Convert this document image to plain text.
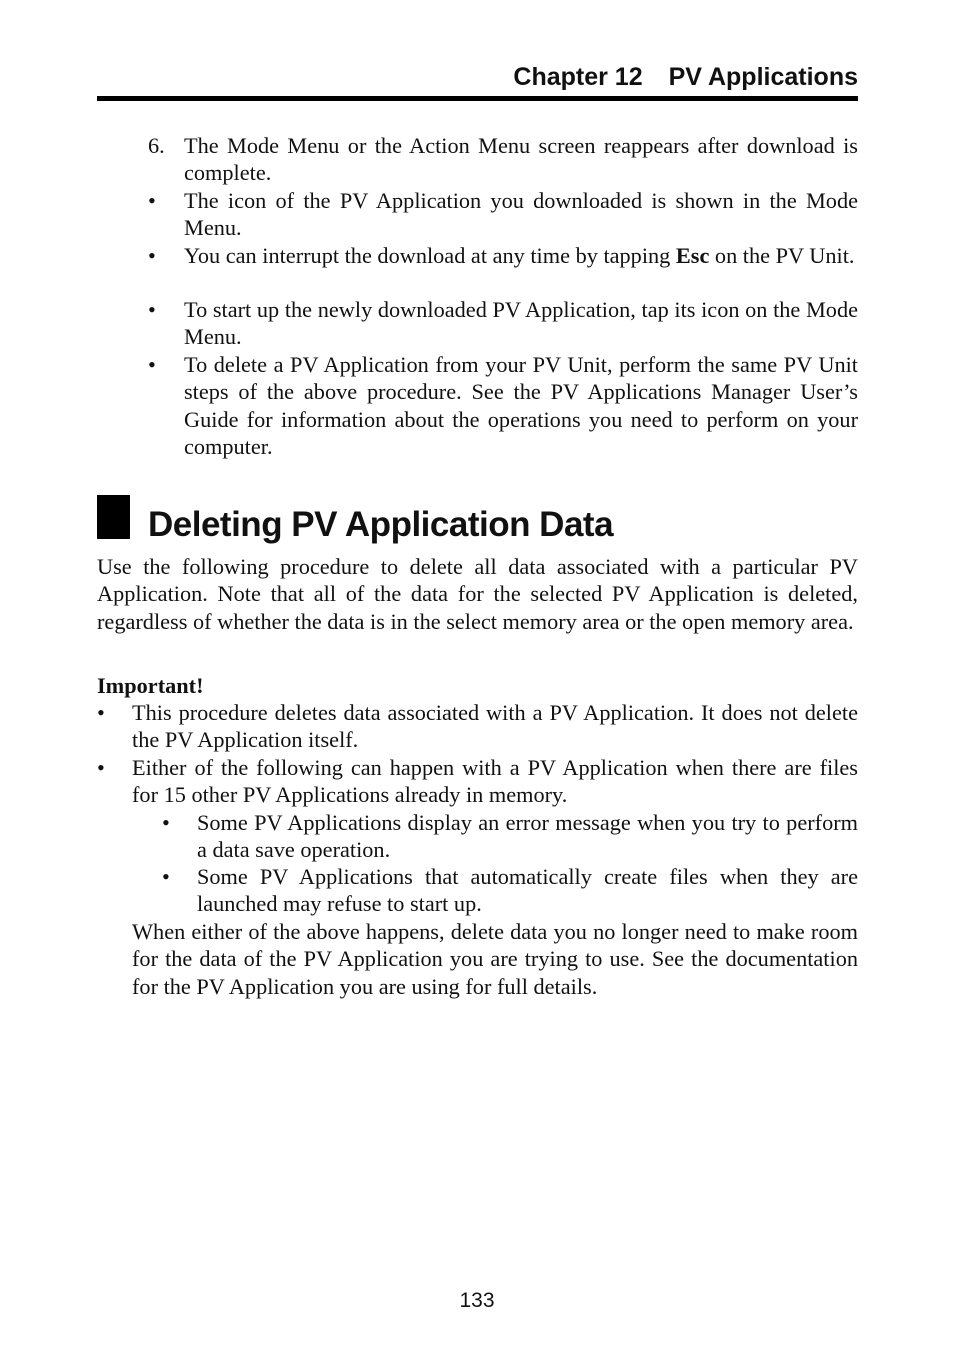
Chapter 12 PV Applications
6. The Mode Menu or the Action Menu screen reappears after download is complete.
• The icon of the PV Application you downloaded is shown in the Mode Menu.
• You can interrupt the download at any time by tapping Esc on the PV Unit.
• To start up the newly downloaded PV Application, tap its icon on the Mode Menu.
• To delete a PV Application from your PV Unit, perform the same PV Unit steps of the above procedure. See the PV Applications Manager User’s Guide for information about the operations you need to perform on your computer.
Deleting PV Application Data
Use the following procedure to delete all data associated with a particular PV Application. Note that all of the data for the selected PV Application is deleted, regardless of whether the data is in the select memory area or the open memory area.
Important!
• This procedure deletes data associated with a PV Application. It does not delete the PV Application itself.
• Either of the following can happen with a PV Application when there are files for 15 other PV Applications already in memory.
• Some PV Applications display an error message when you try to perform a data save operation.
• Some PV Applications that automatically create files when they are launched may refuse to start up.
When either of the above happens, delete data you no longer need to make room for the data of the PV Application you are trying to use. See the documentation for the PV Application you are using for full details.
133
